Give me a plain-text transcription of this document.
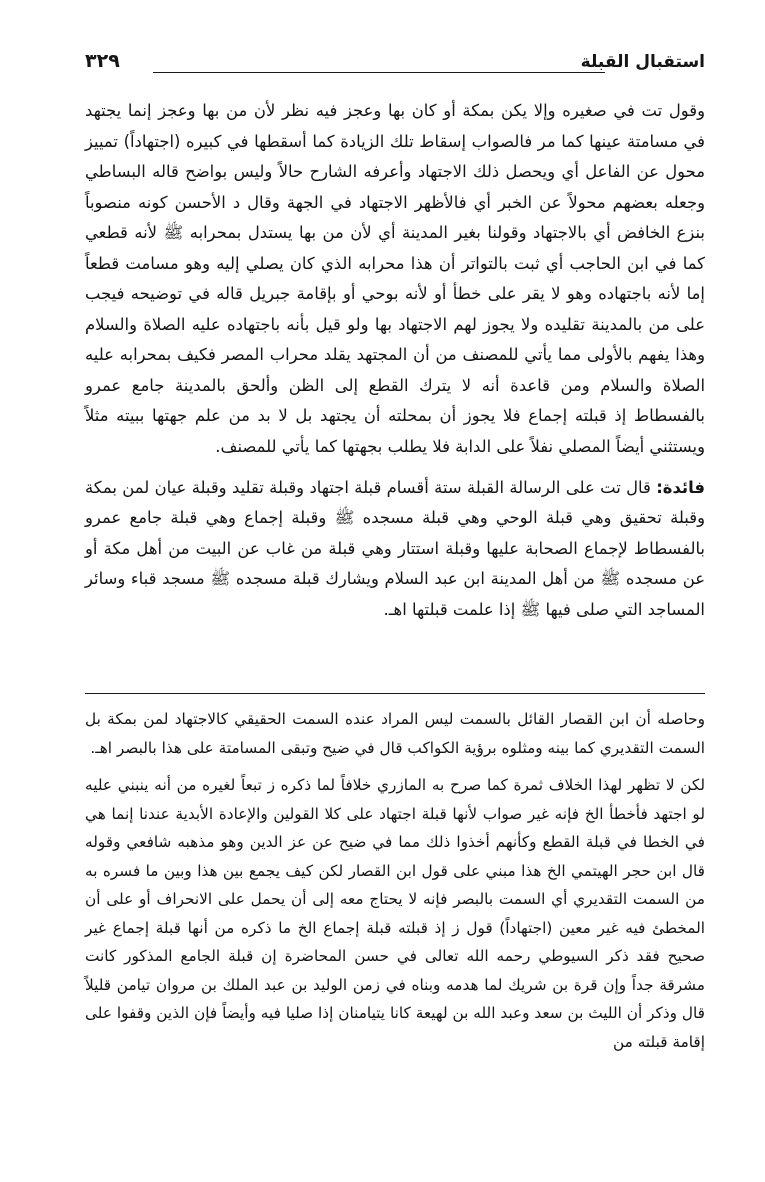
استقبال القبلة
٣٢٩

وقول تت في صغيره وإلا يكن بمكة أو كان بها وعجز فيه نظر لأن من بها وعجز إنما يجتهد في مسامتة عينها كما مر فالصواب إسقاط تلك الزيادة كما أسقطها في كبيره (اجتهاداً) تمييز محول عن الفاعل أي ويحصل ذلك الاجتهاد وأعرفه الشارح حالاً وليس بواضح قاله البساطي وجعله بعضهم محولاً عن الخبر أي فالأظهر الاجتهاد في الجهة وقال د الأحسن كونه منصوباً بنزع الخافض أي بالاجتهاد وقولنا بغير المدينة أي لأن من بها يستدل بمحرابه ﷺ لأنه قطعي كما في ابن الحاجب أي ثبت بالتواتر أن هذا محرابه الذي كان يصلي إليه وهو مسامت قطعاً إما لأنه باجتهاده وهو لا يقر على خطأ أو لأنه بوحي أو بإقامة جبريل قاله في توضيحه فيجب على من بالمدينة تقليده ولا يجوز لهم الاجتهاد بها ولو قيل بأنه باجتهاده عليه الصلاة والسلام وهذا يفهم بالأولى مما يأتي للمصنف من أن المجتهد يقلد محراب المصر فكيف بمحرابه عليه الصلاة والسلام ومن قاعدة أنه لا يترك القطع إلى الظن وألحق بالمدينة جامع عمرو بالفسطاط إذ قبلته إجماع فلا يجوز أن بمحلته أن يجتهد بل لا بد من علم جهتها ببيته مثلاً ويستثني أيضاً المصلي نفلاً على الدابة فلا يطلب بجهتها كما يأتي للمصنف.

فائدة: قال تت على الرسالة القبلة ستة أقسام قبلة اجتهاد وقبلة تقليد وقبلة عيان لمن بمكة وقبلة تحقيق وهي قبلة الوحي وهي قبلة مسجده ﷺ وقبلة إجماع وهي قبلة جامع عمرو بالفسطاط لإجماع الصحابة عليها وقبلة استتار وهي قبلة من غاب عن البيت من أهل مكة أو عن مسجده ﷺ من أهل المدينة ابن عبد السلام ويشارك قبلة مسجده ﷺ مسجد قباء وسائر المساجد التي صلى فيها ﷺ إذا علمت قبلتها اهـ.

وحاصله أن ابن القصار القائل بالسمت ليس المراد عنده السمت الحقيقي كالاجتهاد لمن بمكة بل السمت التقديري كما بينه ومثلوه برؤية الكواكب قال في ضيح وتبقى المسامتة على هذا بالبصر اهـ.

لكن لا تظهر لهذا الخلاف ثمرة كما صرح به المازري خلافاً لما ذكره ز تبعاً لغيره من أنه ينبني عليه لو اجتهد فأخطأ الخ فإنه غير صواب لأنها قبلة اجتهاد على كلا القولين والإعادة الأبدية عندنا إنما هي في الخطا في قبلة القطع وكأنهم أخذوا ذلك مما في ضيح عن عز الدين وهو مذهبه شافعي وقوله قال ابن حجر الهيتمي الخ هذا مبني على قول ابن القصار لكن كيف يجمع بين هذا وبين ما فسره به من السمت التقديري أي السمت بالبصر فإنه لا يحتاج معه إلى أن يحمل على الانحراف أو على أن المخطئ فيه غير معين (اجتهاداً) قول ز إذ قبلته قبلة إجماع الخ ما ذكره من أنها قبلة إجماع غير صحيح فقد ذكر السيوطي رحمه الله تعالى في حسن المحاضرة إن قبلة الجامع المذكور كانت مشرقة جداً وإن قرة بن شريك لما هدمه وبناه في زمن الوليد بن عبد الملك بن مروان تيامن قليلاً قال وذكر أن الليث بن سعد وعبد الله بن لهيعة كانا يتيامنان إذا صليا فيه وأيضاً فإن الذين وقفوا على إقامة قبلته من
